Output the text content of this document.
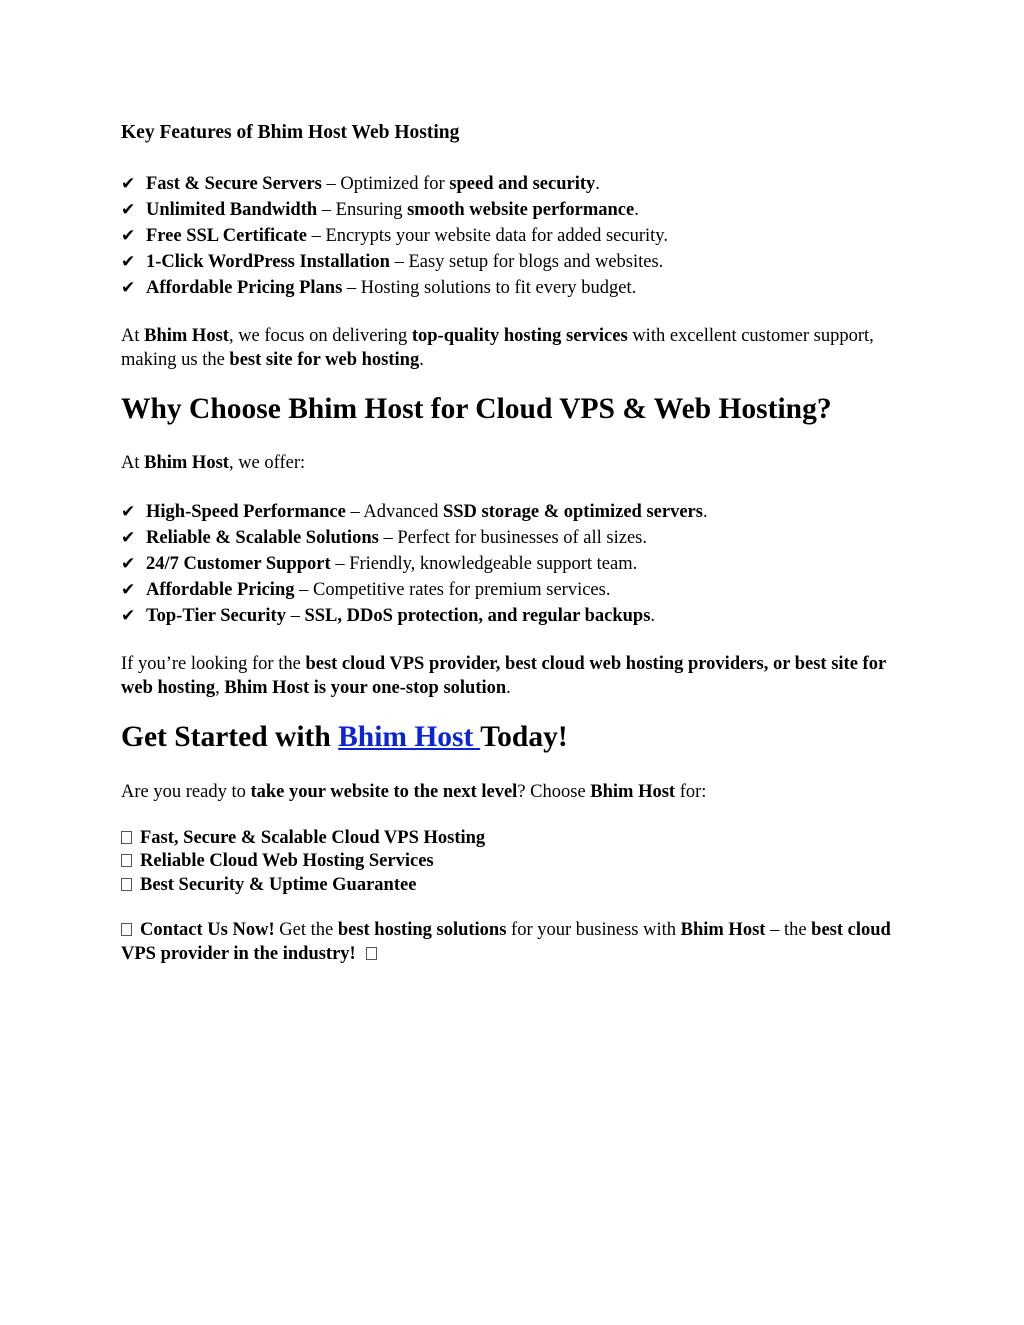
Key Features of Bhim Host Web Hosting
✔ Fast & Secure Servers – Optimized for speed and security.
✔ Unlimited Bandwidth – Ensuring smooth website performance.
✔ Free SSL Certificate – Encrypts your website data for added security.
✔ 1-Click WordPress Installation – Easy setup for blogs and websites.
✔ Affordable Pricing Plans – Hosting solutions to fit every budget.
At Bhim Host, we focus on delivering top-quality hosting services with excellent customer support, making us the best site for web hosting.
Why Choose Bhim Host for Cloud VPS & Web Hosting?
At Bhim Host, we offer:
✔ High-Speed Performance – Advanced SSD storage & optimized servers.
✔ Reliable & Scalable Solutions – Perfect for businesses of all sizes.
✔ 24/7 Customer Support – Friendly, knowledgeable support team.
✔ Affordable Pricing – Competitive rates for premium services.
✔ Top-Tier Security – SSL, DDoS protection, and regular backups.
If you’re looking for the best cloud VPS provider, best cloud web hosting providers, or best site for web hosting, Bhim Host is your one-stop solution.
Get Started with Bhim Host Today!
Are you ready to take your website to the next level? Choose Bhim Host for:
Fast, Secure & Scalable Cloud VPS Hosting
Reliable Cloud Web Hosting Services
Best Security & Uptime Guarantee
Contact Us Now! Get the best hosting solutions for your business with Bhim Host – the best cloud VPS provider in the industry!
